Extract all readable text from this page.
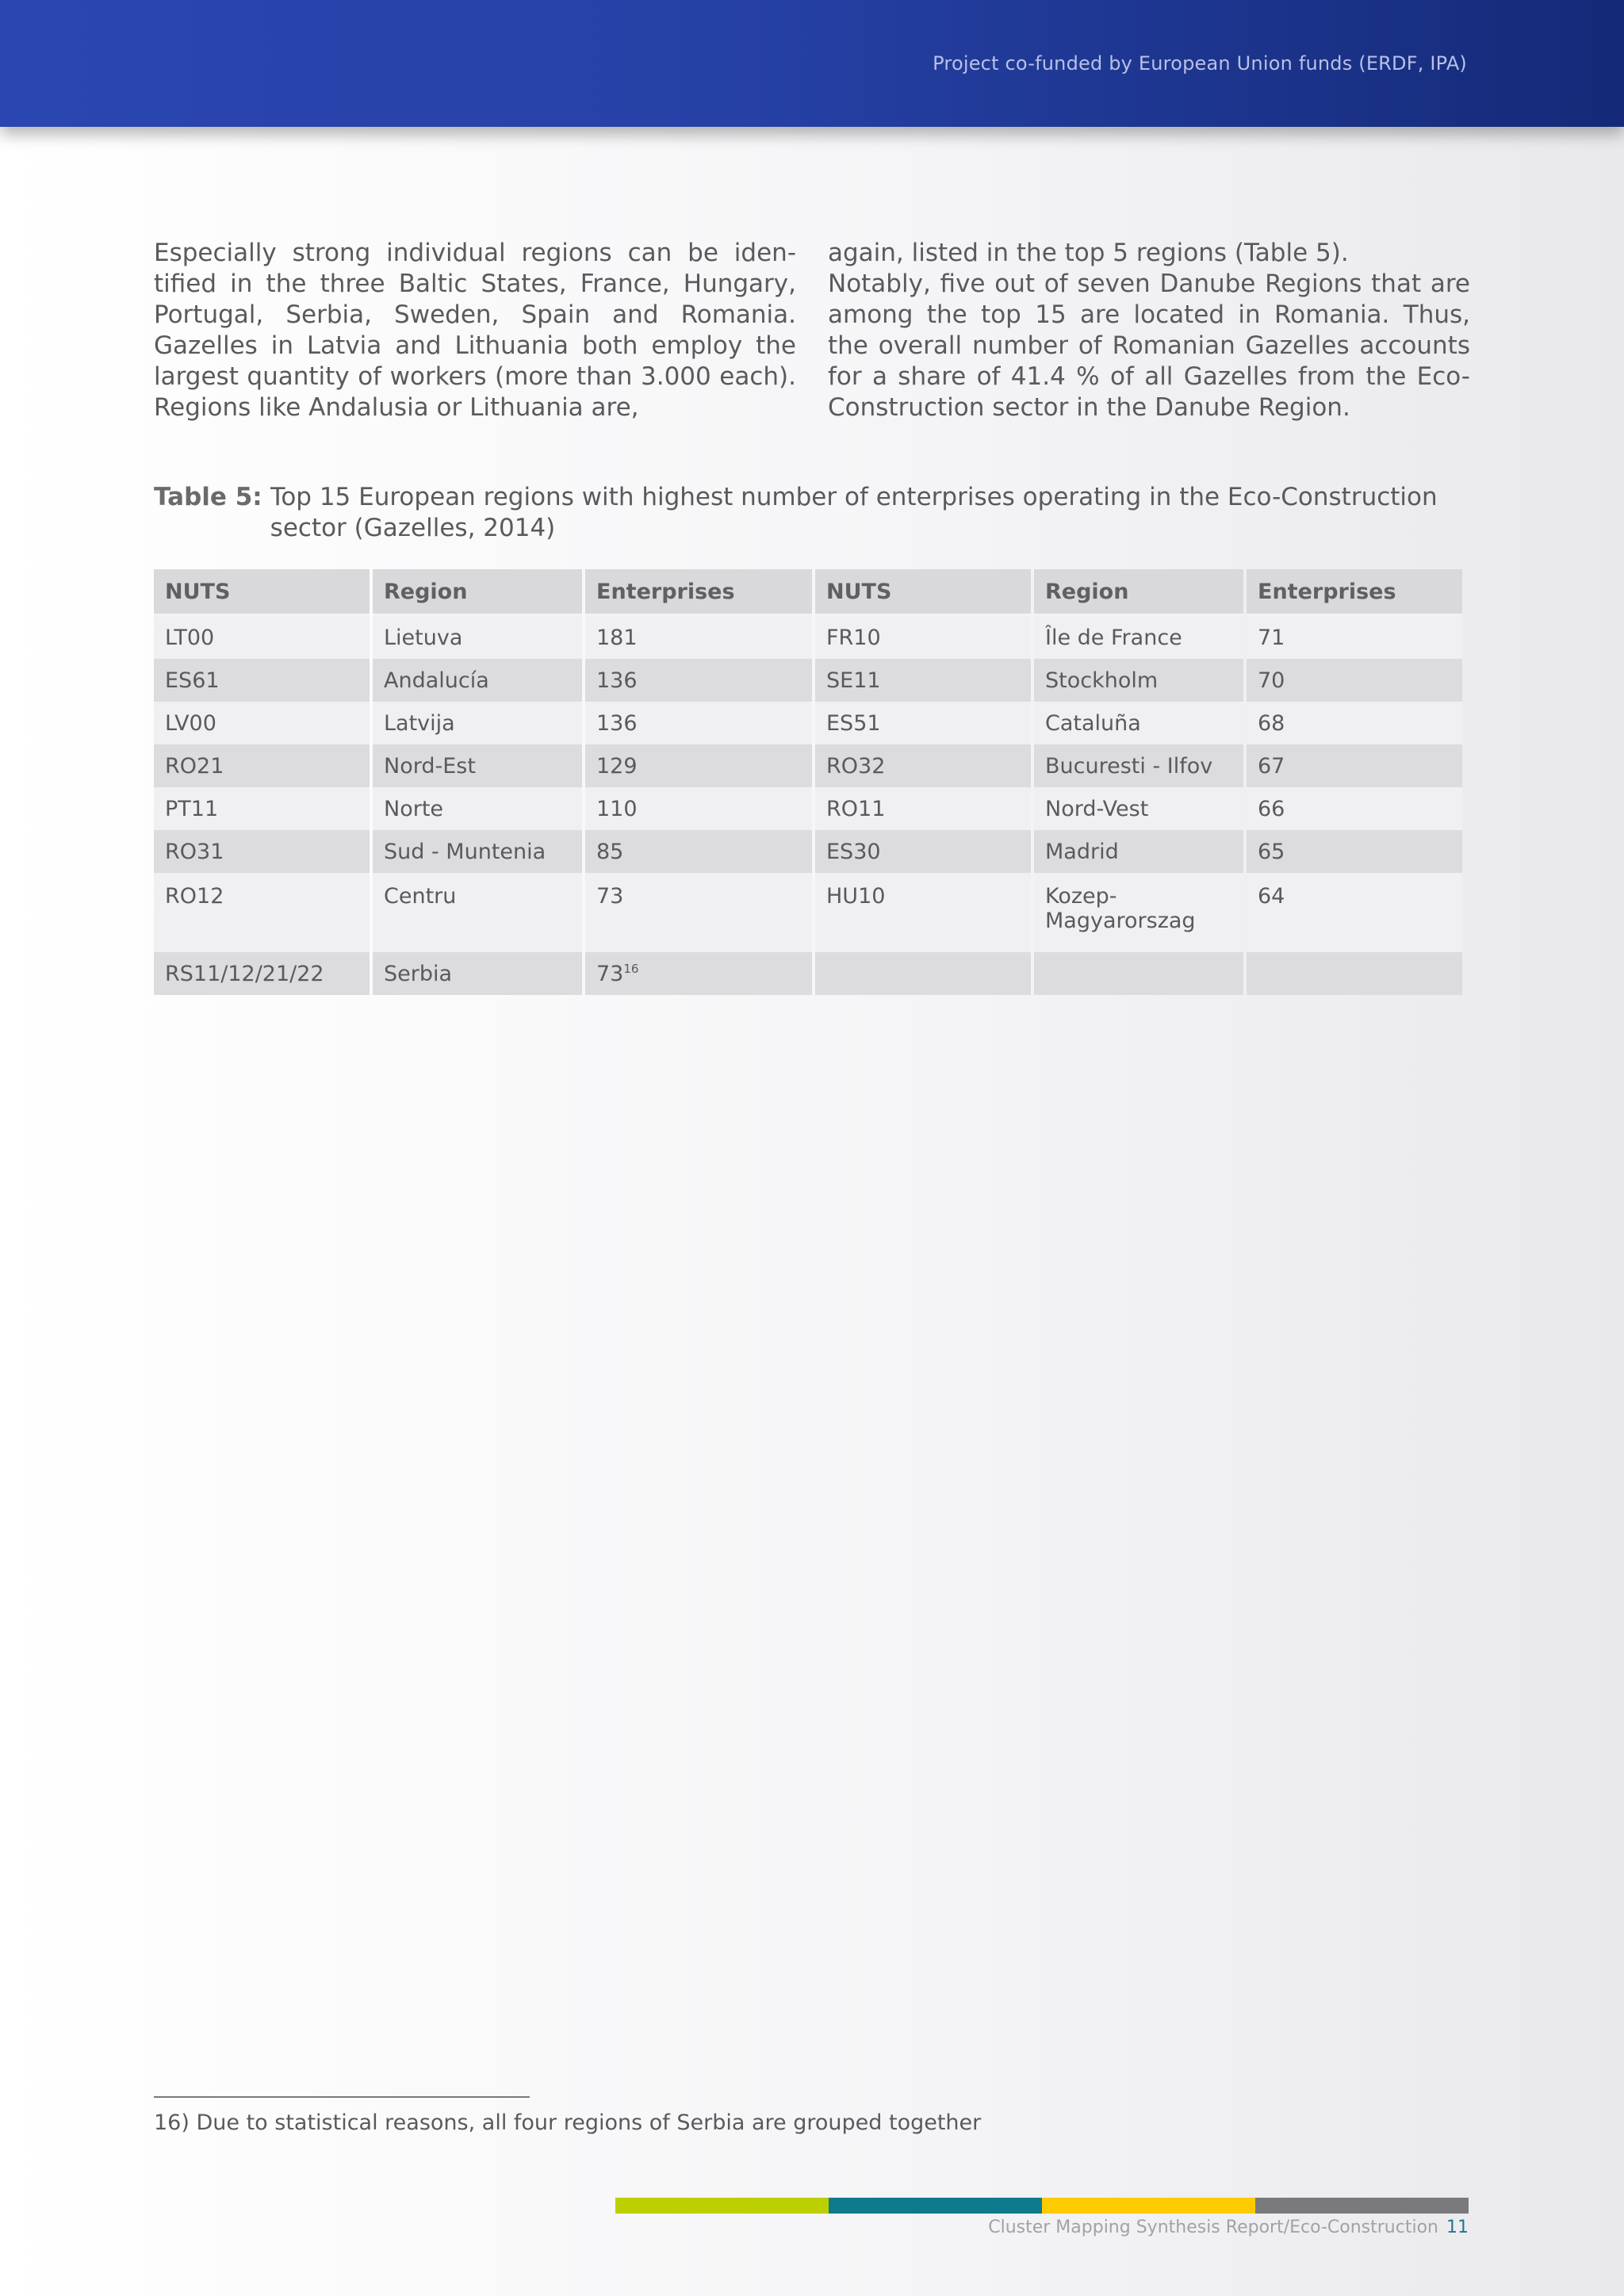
Project co-funded by European Union funds (ERDF, IPA)

Especially strong individual regions can be identified in the three Baltic States, France, Hungary, Portugal, Serbia, Sweden, Spain and Romania. Gazelles in Latvia and Lithuania both employ the largest quantity of workers (more than 3.000 each). Regions like Andalusia or Lithuania are,

again, listed in the top 5 regions (Table 5).

Notably, five out of seven Danube Regions that are among the top 15 are located in Romania. Thus, the overall number of Romanian Gazelles accounts for a share of 41.4 % of all Gazelles from the Eco-Construction sector in the Danube Region.

Table 5: Top 15 European regions with highest number of enterprises operating in the Eco-Construction sector (Gazelles, 2014)
NUTS	Region	Enterprises	NUTS	Region	Enterprises
LT00	Lietuva	181	FR10	Île de France	71
ES61	Andalucía	136	SE11	Stockholm	70
LV00	Latvija	136	ES51	Cataluña	68
RO21	Nord-Est	129	RO32	Bucuresti - Ilfov	67
PT11	Norte	110	RO11	Nord-Vest	66
RO31	Sud - Muntenia	85	ES30	Madrid	65
RO12	Centru	73	HU10	Kozep-Magyarorszag	64
RS11/12/21/22	Serbia	$73^{16}$			
16) Due to statistical reasons, all four regions of Serbia are grouped together
Cluster Mapping Synthesis Report/Eco-Construction 11
